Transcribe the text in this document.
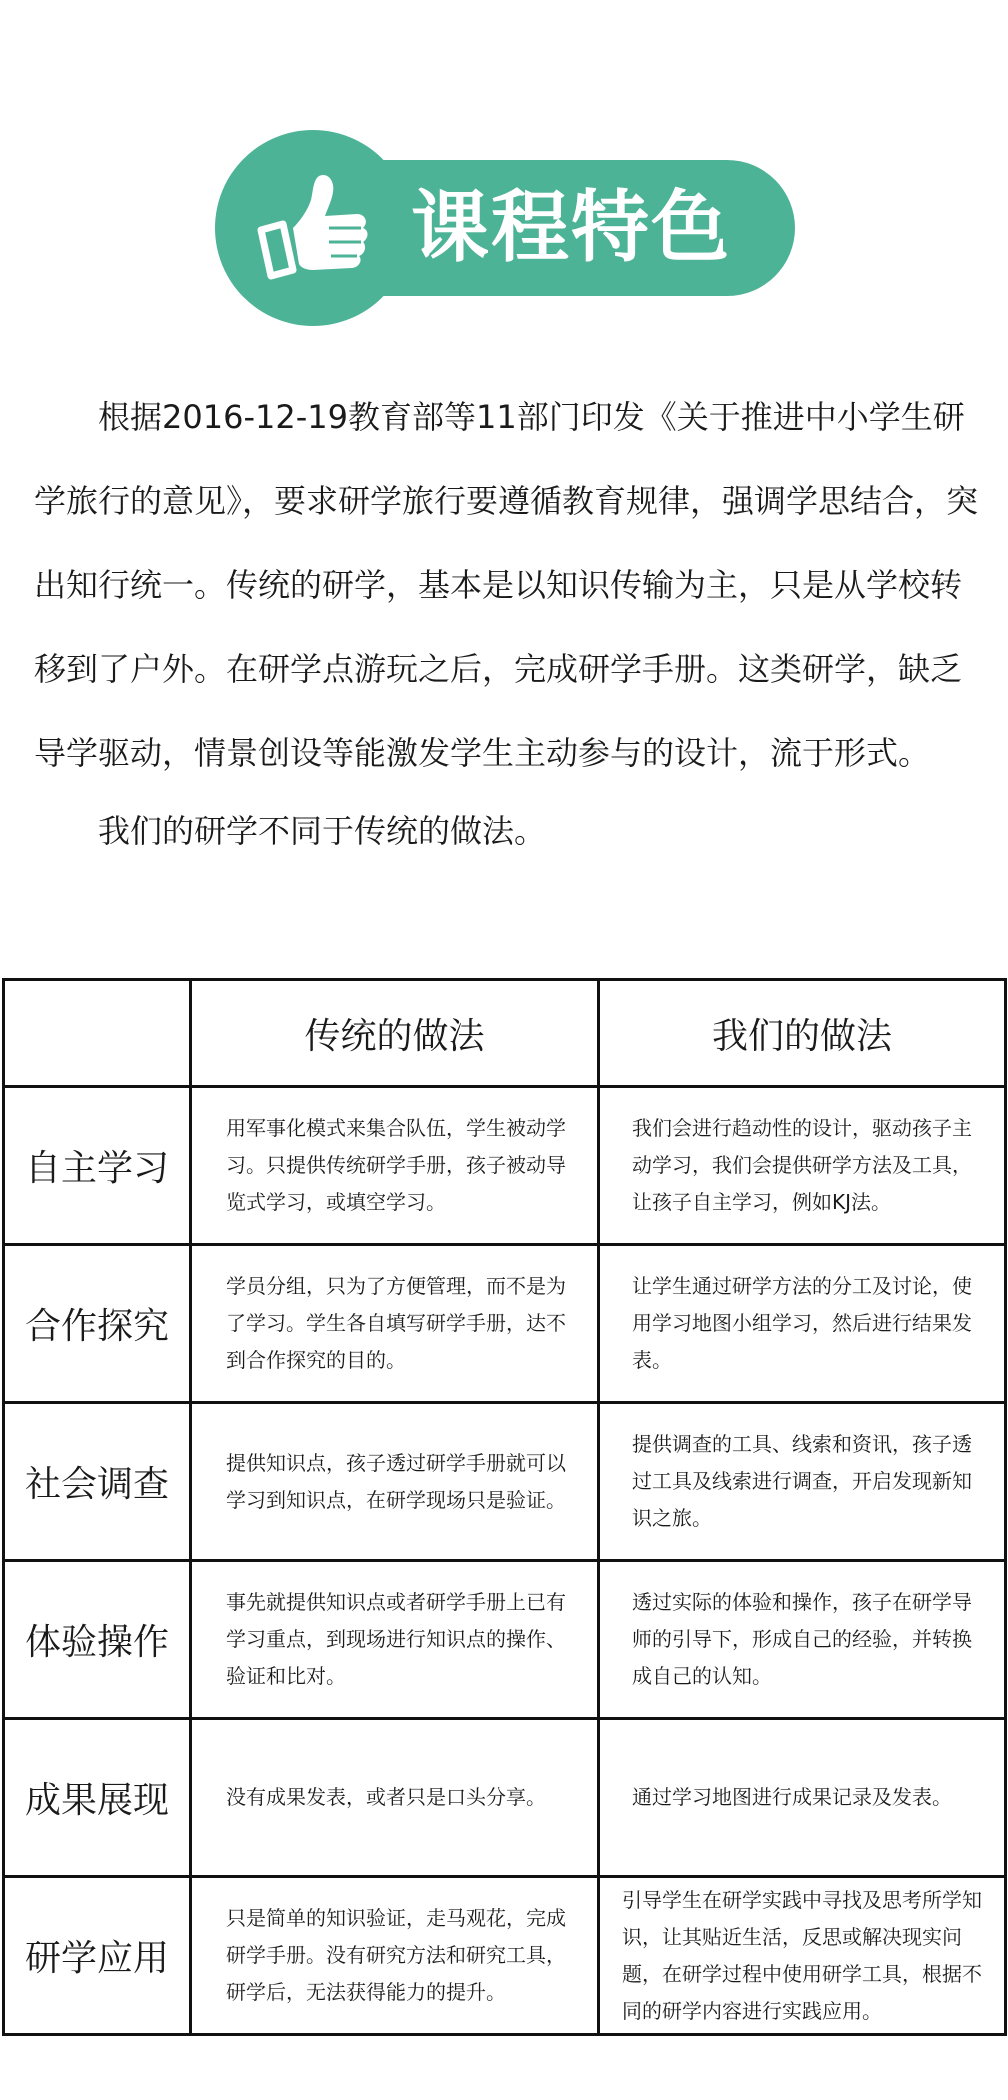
课程特色

根据2016-12-19教育部等11部门印发《关于推进中小学生研学旅行的意见》，要求研学旅行要遵循教育规律，强调学思结合，突出知行统一。传统的研学，基本是以知识传输为主，只是从学校转移到了户外。在研学点游玩之后，完成研学手册。这类研学，缺乏导学驱动，情景创设等能激发学生主动参与的设计，流于形式。

我们的研学不同于传统的做法。

	传统的做法	我们的做法
自主学习	用军事化模式来集合队伍，学生被动学习。只提供传统研学手册，孩子被动导览式学习，或填空学习。	我们会进行趋动性的设计，驱动孩子主动学习，我们会提供研学方法及工具，让孩子自主学习，例如KJ法。
合作探究	学员分组，只为了方便管理，而不是为了学习。学生各自填写研学手册，达不到合作探究的目的。	让学生通过研学方法的分工及讨论，使用学习地图小组学习，然后进行结果发表。
社会调查	提供知识点，孩子透过研学手册就可以学习到知识点，在研学现场只是验证。	提供调查的工具、线索和资讯，孩子透过工具及线索进行调查，开启发现新知识之旅。
体验操作	事先就提供知识点或者研学手册上已有学习重点，到现场进行知识点的操作、验证和比对。	透过实际的体验和操作，孩子在研学导师的引导下，形成自己的经验，并转换成自己的认知。
成果展现	没有成果发表，或者只是口头分享。	通过学习地图进行成果记录及发表。
研学应用	只是简单的知识验证，走马观花，完成研学手册。没有研究方法和研究工具，研学后，无法获得能力的提升。	引导学生在研学实践中寻找及思考所学知识，让其贴近生活，反思或解决现实问题，在研学过程中使用研学工具，根据不同的研学内容进行实践应用。
